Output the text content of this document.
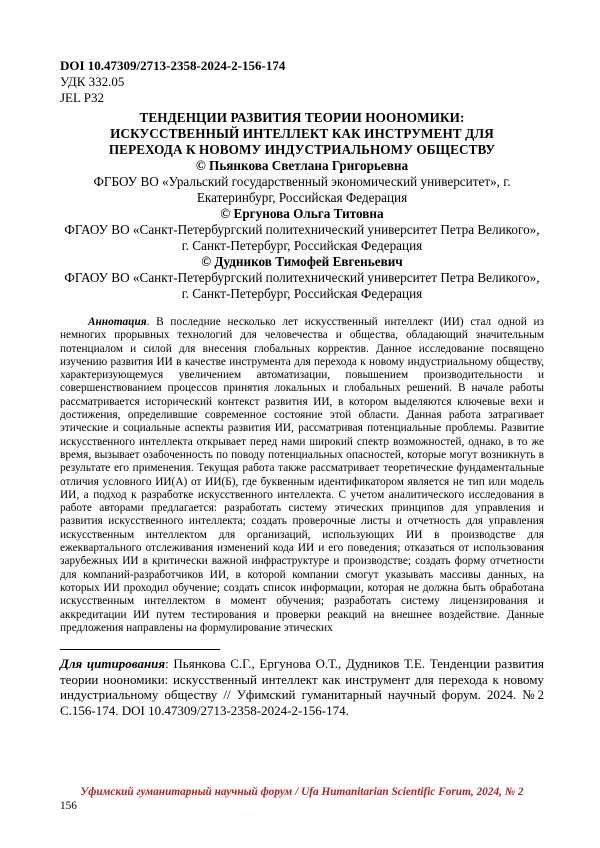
DOI 10.47309/2713-2358-2024-2-156-174
УДК 332.05
JEL P32
ТЕНДЕНЦИИ РАЗВИТИЯ ТЕОРИИ НООНОМИКИ:
ИСКУССТВЕННЫЙ ИНТЕЛЛЕКТ КАК ИНСТРУМЕНТ ДЛЯ
ПЕРЕХОДА К НОВОМУ ИНДУСТРИАЛЬНОМУ ОБЩЕСТВУ
© Пьянкова Светлана Григорьевна
ФГБОУ ВО «Уральский государственный экономический университет», г. Екатеринбург, Российская Федерация
© Ергунова Ольга Титовна
ФГАОУ ВО «Санкт-Петербургский политехнический университет Петра Великого», г. Санкт-Петербург, Российская Федерация
© Дудников Тимофей Евгеньевич
ФГАОУ ВО «Санкт-Петербургский политехнический университет Петра Великого», г. Санкт-Петербург, Российская Федерация
Аннотация. В последние несколько лет искусственный интеллект (ИИ) стал одной из немногих прорывных технологий для человечества и общества, обладающий значительным потенциалом и силой для внесения глобальных корректив. Данное исследование посвящено изучению развития ИИ в качестве инструмента для перехода к новому индустриальному обществу, характеризующемуся увеличением автоматизации, повышением производительности и совершенствованием процессов принятия локальных и глобальных решений. В начале работы рассматривается исторический контекст развития ИИ, в котором выделяются ключевые вехи и достижения, определившие современное состояние этой области. Данная работа затрагивает этические и социальные аспекты развития ИИ, рассматривая потенциальные проблемы. Развитие искусственного интеллекта открывает перед нами широкий спектр возможностей, однако, в то же время, вызывает озабоченность по поводу потенциальных опасностей, которые могут возникнуть в результате его применения. Текущая работа также рассматривает теоретические фундаментальные отличия условного ИИ(А) от ИИ(Б), где буквенным идентификатором является не тип или модель ИИ, а подход к разработке искусственного интеллекта. С учетом аналитического исследования в работе авторами предлагается: разработать систему этических принципов для управления и развития искусственного интеллекта; создать проверочные листы и отчетность для управления искусственным интеллектом для организаций, использующих ИИ в производстве для ежеквартального отслеживания изменений кода ИИ и его поведения; отказаться от использования зарубежных ИИ в критически важной инфраструктуре и производстве; создать форму отчетности для компаний-разработчиков ИИ, в которой компании смогут указывать массивы данных, на которых ИИ проходил обучение; создать список информации, которая не должна быть обработана искусственным интеллектом в момент обучения; разработать систему лицензирования и аккредитации ИИ путем тестирования и проверки реакций на внешнее воздействие. Данные предложения направлены на формулирование этических
Для цитирования: Пьянкова С.Г., Ергунова О.Т., Дудников Т.Е. Тенденции развития теории ноономики: искусственный интеллект как инструмент для перехода к новому индустриальному обществу // Уфимский гуманитарный научный форум. 2024. №2 С.156-174. DOI 10.47309/2713-2358-2024-2-156-174.
Уфимский гуманитарный научный форум / Ufa Humanitarian Scientific Forum, 2024, № 2
156
